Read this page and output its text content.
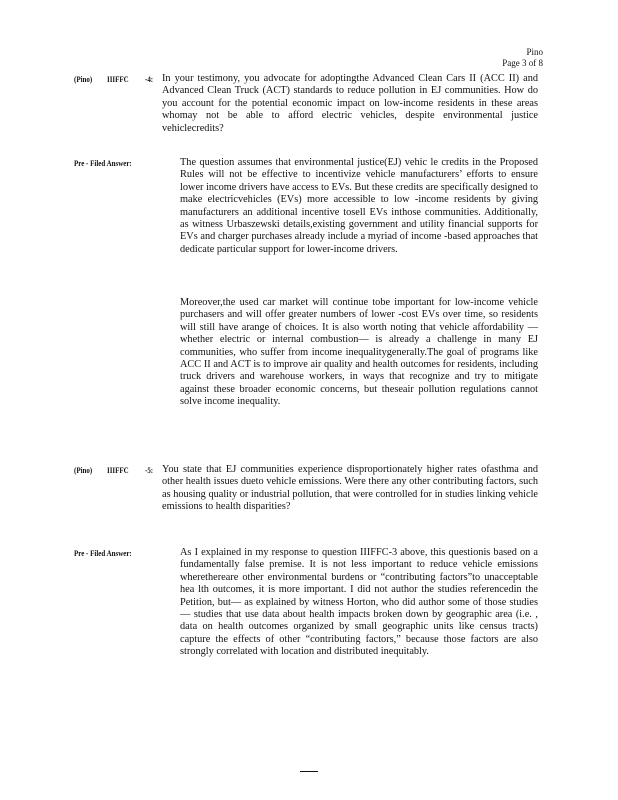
Pino
Page 3 of 8
(Pino) IIIFFC -4: In your testimony, you advocate for adoptingthe Advanced Clean Cars II (ACC II) and Advanced Clean Truck (ACT) standards to reduce pollution in EJ communities. How do you account for the potential economic impact on low-income residents in these areas whomay not be able to afford electric vehicles, despite environmental justice vehiclecredits?
Pre - Filed Answer:	The question assumes that environmental justice(EJ) vehic le credits in the Proposed Rules will not be effective to incentivize vehicle manufacturers’ efforts to ensure lower income drivers have access to EVs. But these credits are specifically designed to make electricvehicles (EVs) more accessible to low -income residents by giving manufacturers an additional incentive tosell EVs inthose communities. Additionally, as witness Urbaszewski details,existing government and utility financial supports for EVs and charger purchases already include a myriad of income -based approaches that dedicate particular support for lower-income drivers.

Moreover,the used car market will continue tobe important for low-income vehicle purchasers and will offer greater numbers of lower -cost EVs over time, so residents will still have arange of choices. It is also worth noting that vehicle affordability —whether electric or internal combustion— is already a challenge in many EJ communities, who suffer from income inequalitygenerally.The goal of programs like ACC II and ACT is to improve air quality and health outcomes for residents, including truck drivers and warehouse workers, in ways that recognize and try to mitigate against these broader economic concerns, but theseair pollution regulations cannot solve income inequality.

(Pino) IIIFFC -5: You state that EJ communities experience disproportionately higher rates ofasthma and other health issues dueto vehicle emissions. Were there any other contributing factors, such as housing quality or industrial pollution, that were controlled for in studies linking vehicle emissions to health disparities?
Pre - Filed Answer:	As I explained in my response to question IIIFFC-3 above, this questionis based on a fundamentally false premise. It is not less important to reduce vehicle emissions wherethereare other environmental burdens or “contributing factors”to unacceptable hea lth outcomes, it is more important. I did not author the studies referencedin the Petition, but— as explained by witness Horton, who did author some of those studies— studies that use data about health impacts broken down by geographic area (i.e. , data on health outcomes organized by small geographic units like census tracts) capture the effects of other “contributing factors,” because those factors are also strongly correlated with location and distributed inequitably.
